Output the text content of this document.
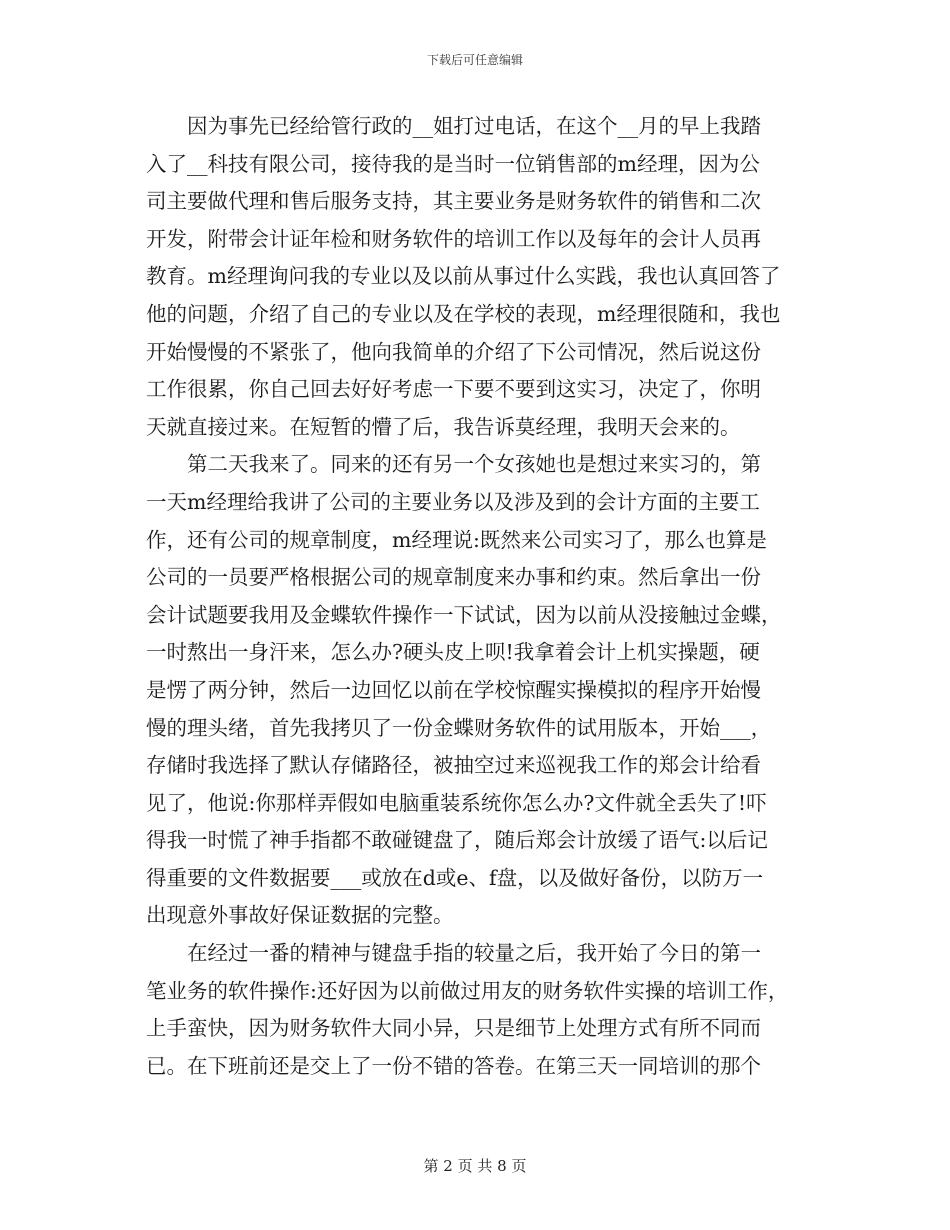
下载后可任意编辑
因为事先已经给管行政的__姐打过电话，在这个__月的早上我踏
入了__科技有限公司，接待我的是当时一位销售部的m经理，因为公
司主要做代理和售后服务支持，其主要业务是财务软件的销售和二次
开发，附带会计证年检和财务软件的培训工作以及每年的会计人员再
教育。m经理询问我的专业以及以前从事过什么实践，我也认真回答了
他的问题，介绍了自己的专业以及在学校的表现，m经理很随和，我也
开始慢慢的不紧张了，他向我简单的介绍了下公司情况，然后说这份
工作很累，你自己回去好好考虑一下要不要到这实习，决定了，你明
天就直接过来。在短暂的懵了后，我告诉莫经理，我明天会来的。
第二天我来了。同来的还有另一个女孩她也是想过来实习的，第
一天m经理给我讲了公司的主要业务以及涉及到的会计方面的主要工
作，还有公司的规章制度，m经理说:既然来公司实习了，那么也算是
公司的一员要严格根据公司的规章制度来办事和约束。然后拿出一份
会计试题要我用及金蝶软件操作一下试试，因为以前从没接触过金蝶，
一时熬出一身汗来，怎么办?硬头皮上呗!我拿着会计上机实操题，硬
是愣了两分钟，然后一边回忆以前在学校惊醒实操模拟的程序开始慢
慢的理头绪，首先我拷贝了一份金蝶财务软件的试用版本，开始___，
存储时我选择了默认存储路径，被抽空过来巡视我工作的郑会计给看
见了，他说:你那样弄假如电脑重装系统你怎么办?文件就全丢失了!吓
得我一时慌了神手指都不敢碰键盘了，随后郑会计放缓了语气:以后记
得重要的文件数据要___或放在d或e、f盘，以及做好备份，以防万一
出现意外事故好保证数据的完整。
在经过一番的精神与键盘手指的较量之后，我开始了今日的第一
笔业务的软件操作:还好因为以前做过用友的财务软件实操的培训工作，
上手蛮快，因为财务软件大同小异，只是细节上处理方式有所不同而
已。在下班前还是交上了一份不错的答卷。在第三天一同培训的那个
第 2 页 共 8 页
